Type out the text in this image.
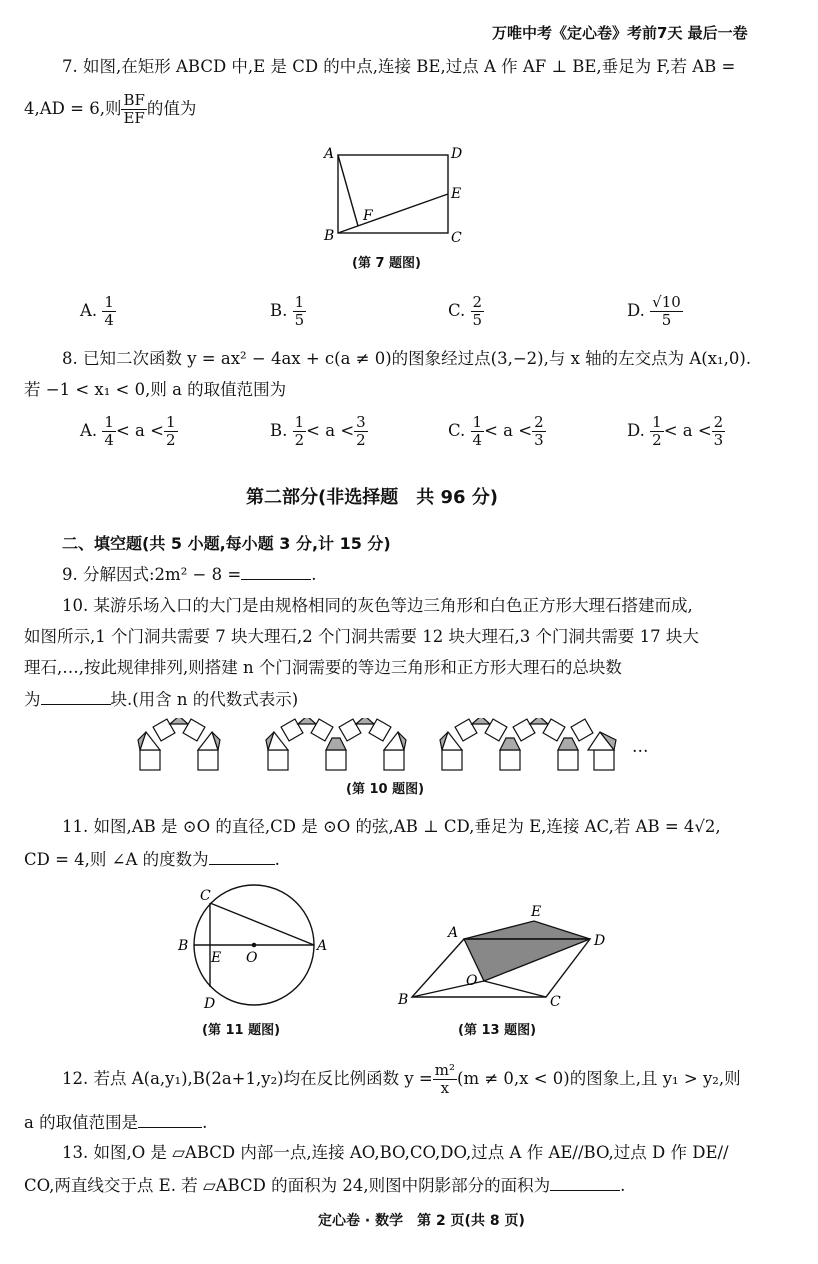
万唯中考《定心卷》考前7天 最后一卷
7. 如图,在矩形 ABCD 中,E 是 CD 的中点,连接 BE,过点 A 作 AF ⊥ BE,垂足为 F,若 AB =
4,AD = 6,则 $\frac{BF}{EF}$ 的值为
A	D
E
F
B	C
(第 7 题图)
A. $\frac{1}{4}$	B. $\frac{1}{5}$	C. $\frac{2}{5}$	D. $\frac{√10}{5}$
8. 已知二次函数 y = ax² − 4ax + c(a ≠ 0)的图象经过点(3,−2),与 x 轴的左交点为 A(x₁,0).
若 −1 < x₁ < 0,则 a 的取值范围为
A. $\frac{1}{4} < a < \frac{1}{2}$	B. $\frac{1}{2} < a < \frac{3}{2}$	C. $\frac{1}{4} < a < \frac{2}{3}$	D. $\frac{1}{2} < a < \frac{2}{3}$
第二部分(非选择题　共 96 分)
二、填空题(共 5 小题,每小题 3 分,计 15 分)
9. 分解因式:2m² − 8 =	.
10. 某游乐场入口的大门是由规格相同的灰色等边三角形和白色正方形大理石搭建而成,
如图所示,1 个门洞共需要 7 块大理石,2 个门洞共需要 12 块大理石,3 个门洞共需要 17 块大
理石,…,按此规律排列,则搭建 n 个门洞需要的等边三角形和正方形大理石的总块数
为	块.(用含 n 的代数式表示)
…
(第 10 题图)
11. 如图,AB 是 ⊙O 的直径,CD 是 ⊙O 的弦,AB ⊥ CD,垂足为 E,连接 AC,若 AB = 4√2,
CD = 4,则 ∠A 的度数为	.
C
B
E O
A
D
(第 11 题图)
E
A	D
O
B	C
(第 13 题图)
12. 若点 A(a,y₁),B(2a+1,y₂)均在反比例函数 $y = \frac{\text{m²}}{x} (m \ne 0,x < 0)$的图象上,且 y₁ > y₂,则
a 的取值范围是	.
13. 如图,O 是 ▱ABCD 内部一点,连接 AO,BO,CO,DO,过点 A 作 AE//BO,过点 D 作 DE//
CO,两直线交于点 E. 若 ▱ABCD 的面积为 24,则图中阴影部分的面积为	.
定心卷 · 数学　第 2 页(共 8 页)
